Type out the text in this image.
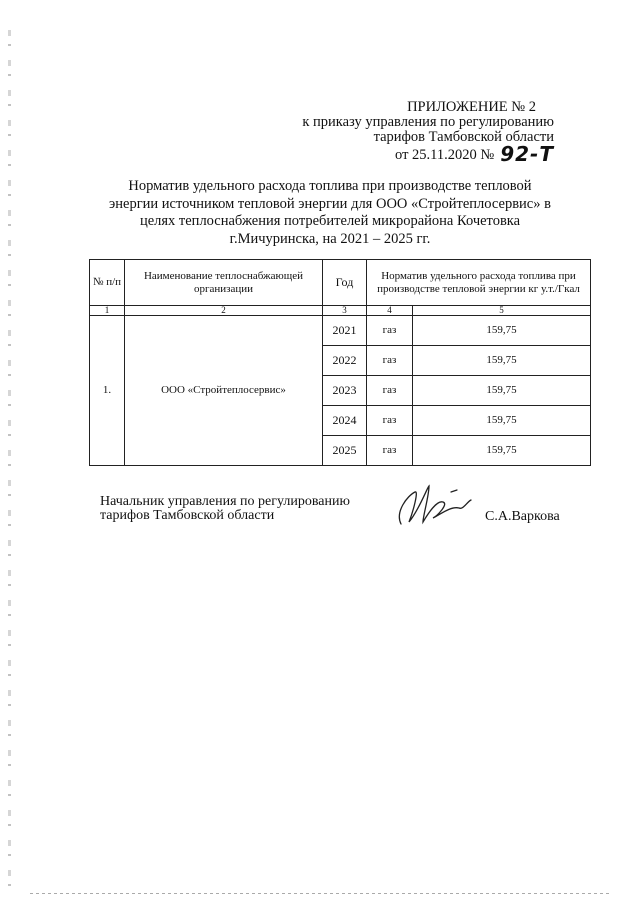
ПРИЛОЖЕНИЕ № 2
к приказу управления по регулированию
тарифов Тамбовской области
от 25.11.2020 № 92-Т
Норматив удельного расхода топлива при производстве тепловой
энергии источником тепловой энергии для ООО «Стройтеплосервис» в
целях теплоснабжения потребителей микрорайона Кочетовка
г.Мичуринска, на 2021 – 2025 гг.
№ п/п	Наименование теплоснабжающей организации	Год	Норматив удельного расхода топлива при производстве тепловой энергии кг у.т./Гкал	
1	2	3	4	5
1.	ООО «Стройтеплосервис»	2021	газ	159,75
		2022	газ	159,75
		2023	газ	159,75
		2024	газ	159,75
		2025	газ	159,75
Начальник управления по регулированию
тарифов Тамбовской области	С.А.Варкова
